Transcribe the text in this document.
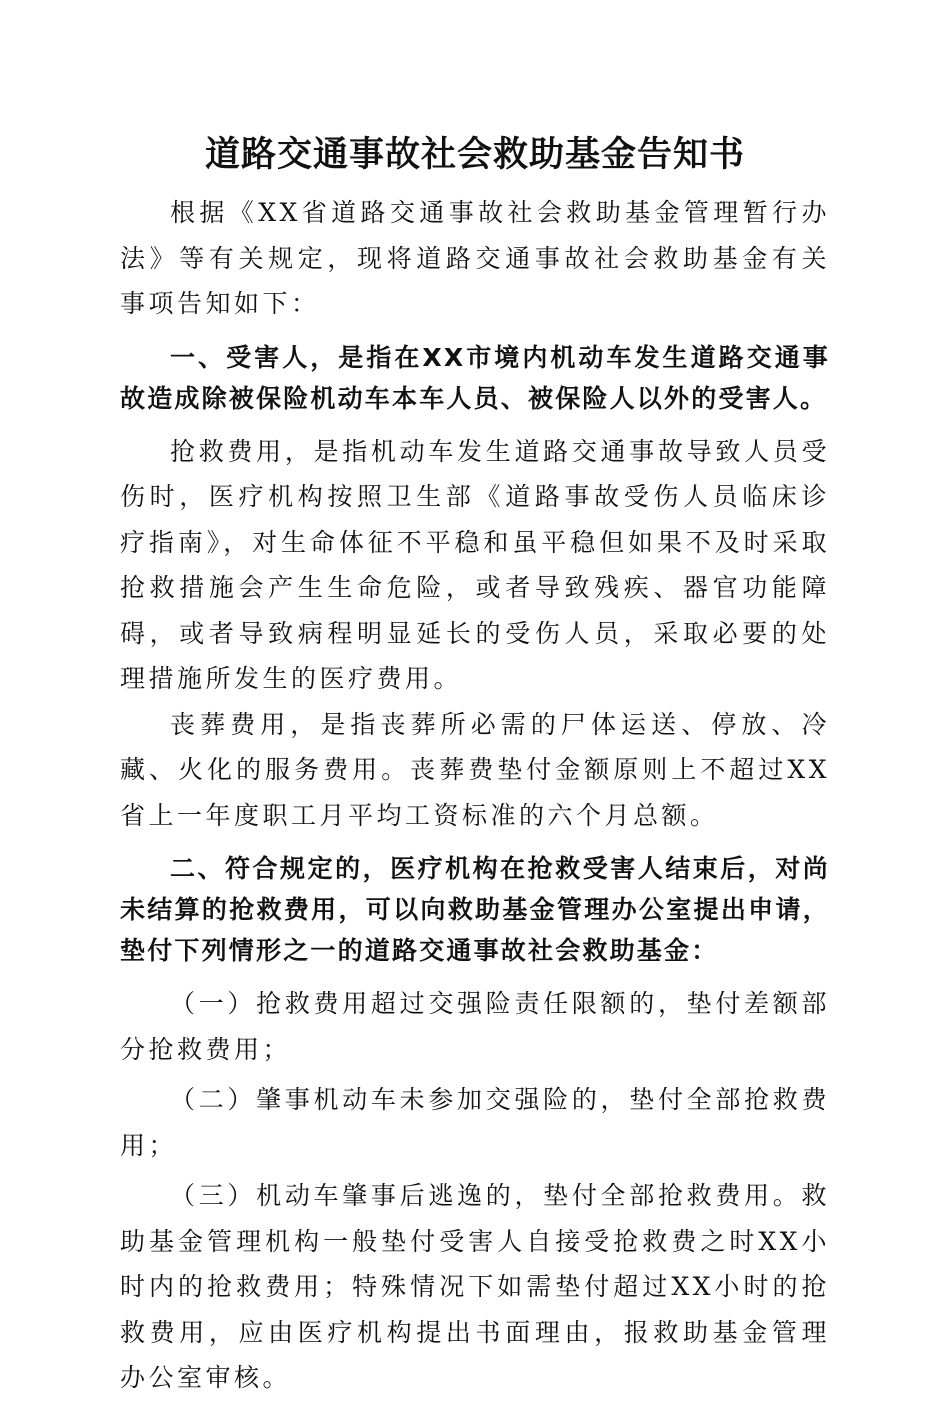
道路交通事故社会救助基金告知书

根据《XX省道路交通事故社会救助基金管理暂行办法》等有关规定，现将道路交通事故社会救助基金有关事项告知如下：

一、受害人，是指在XX市境内机动车发生道路交通事故造成除被保险机动车本车人员、被保险人以外的受害人。

抢救费用，是指机动车发生道路交通事故导致人员受伤时，医疗机构按照卫生部《道路事故受伤人员临床诊疗指南》，对生命体征不平稳和虽平稳但如果不及时采取抢救措施会产生生命危险，或者导致残疾、器官功能障碍，或者导致病程明显延长的受伤人员，采取必要的处理措施所发生的医疗费用。

丧葬费用，是指丧葬所必需的尸体运送、停放、冷藏、火化的服务费用。丧葬费垫付金额原则上不超过XX省上一年度职工月平均工资标准的六个月总额。

二、符合规定的，医疗机构在抢救受害人结束后，对尚未结算的抢救费用，可以向救助基金管理办公室提出申请，垫付下列情形之一的道路交通事故社会救助基金：

（一）抢救费用超过交强险责任限额的，垫付差额部分抢救费用；

（二）肇事机动车未参加交强险的，垫付全部抢救费用；

（三）机动车肇事后逃逸的，垫付全部抢救费用。救助基金管理机构一般垫付受害人自接受抢救费之时XX小时内的抢救费用；特殊情况下如需垫付超过XX小时的抢救费用，应由医疗机构提出书面理由，报救助基金管理办公室审核。
